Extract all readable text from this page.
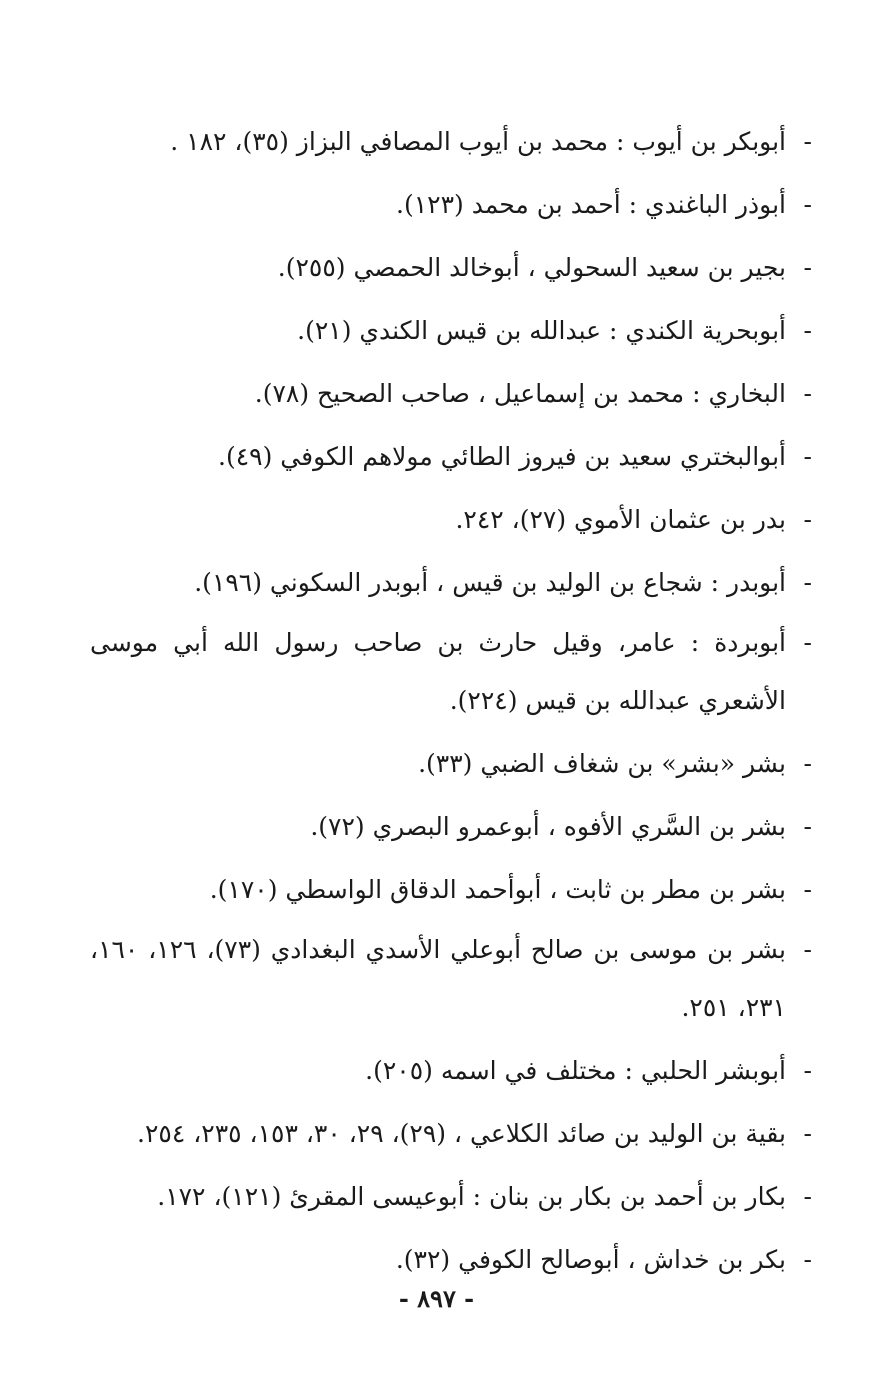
-
أبوبكر بن أيوب : محمد بن أيوب المصافي البزاز (٣٥)، ١٨٢ .
-
أبوذر الباغندي : أحمد بن محمد (١٢٣).
-
بجير بن سعيد السحولي ، أبوخالد الحمصي (٢٥٥).
-
أبوبحرية الكندي : عبدالله بن قيس الكندي (٢١).
-
البخاري : محمد بن إسماعيل ، صاحب الصحيح (٧٨).
-
أبوالبختري سعيد بن فيروز الطائي مولاهم الكوفي (٤٩).
-
بدر بن عثمان الأموي (٢٧)، ٢٤٢.
-
أبوبدر : شجاع بن الوليد بن قيس ، أبوبدر السكوني (١٩٦).
-
أبوبردة : عامر، وقيل حارث بن صاحب رسول الله أبي موسى الأشعري عبدالله بن قيس (٢٢٤).
-
بشر «بشر» بن شغاف الضبي (٣٣).
-
بشر بن السَّري الأفوه ، أبوعمرو البصري (٧٢).
-
بشر بن مطر بن ثابت ، أبوأحمد الدقاق الواسطي (١٧٠).
-
بشر بن موسى بن صالح أبوعلي الأسدي البغدادي (٧٣)، ١٢٦، ١٦٠، ٢٣١، ٢٥١.
-
أبوبشر الحلبي : مختلف في اسمه (٢٠٥).
-
بقية بن الوليد بن صائد الكلاعي ، (٢٩)، ٢٩، ٣٠، ١٥٣، ٢٣٥، ٢٥٤.
-
بكار بن أحمد بن بكار بن بنان : أبوعيسى المقرئ (١٢١)، ١٧٢.
-
بكر بن خداش ، أبوصالح الكوفي (٣٢).
- ٨٩٧ -
